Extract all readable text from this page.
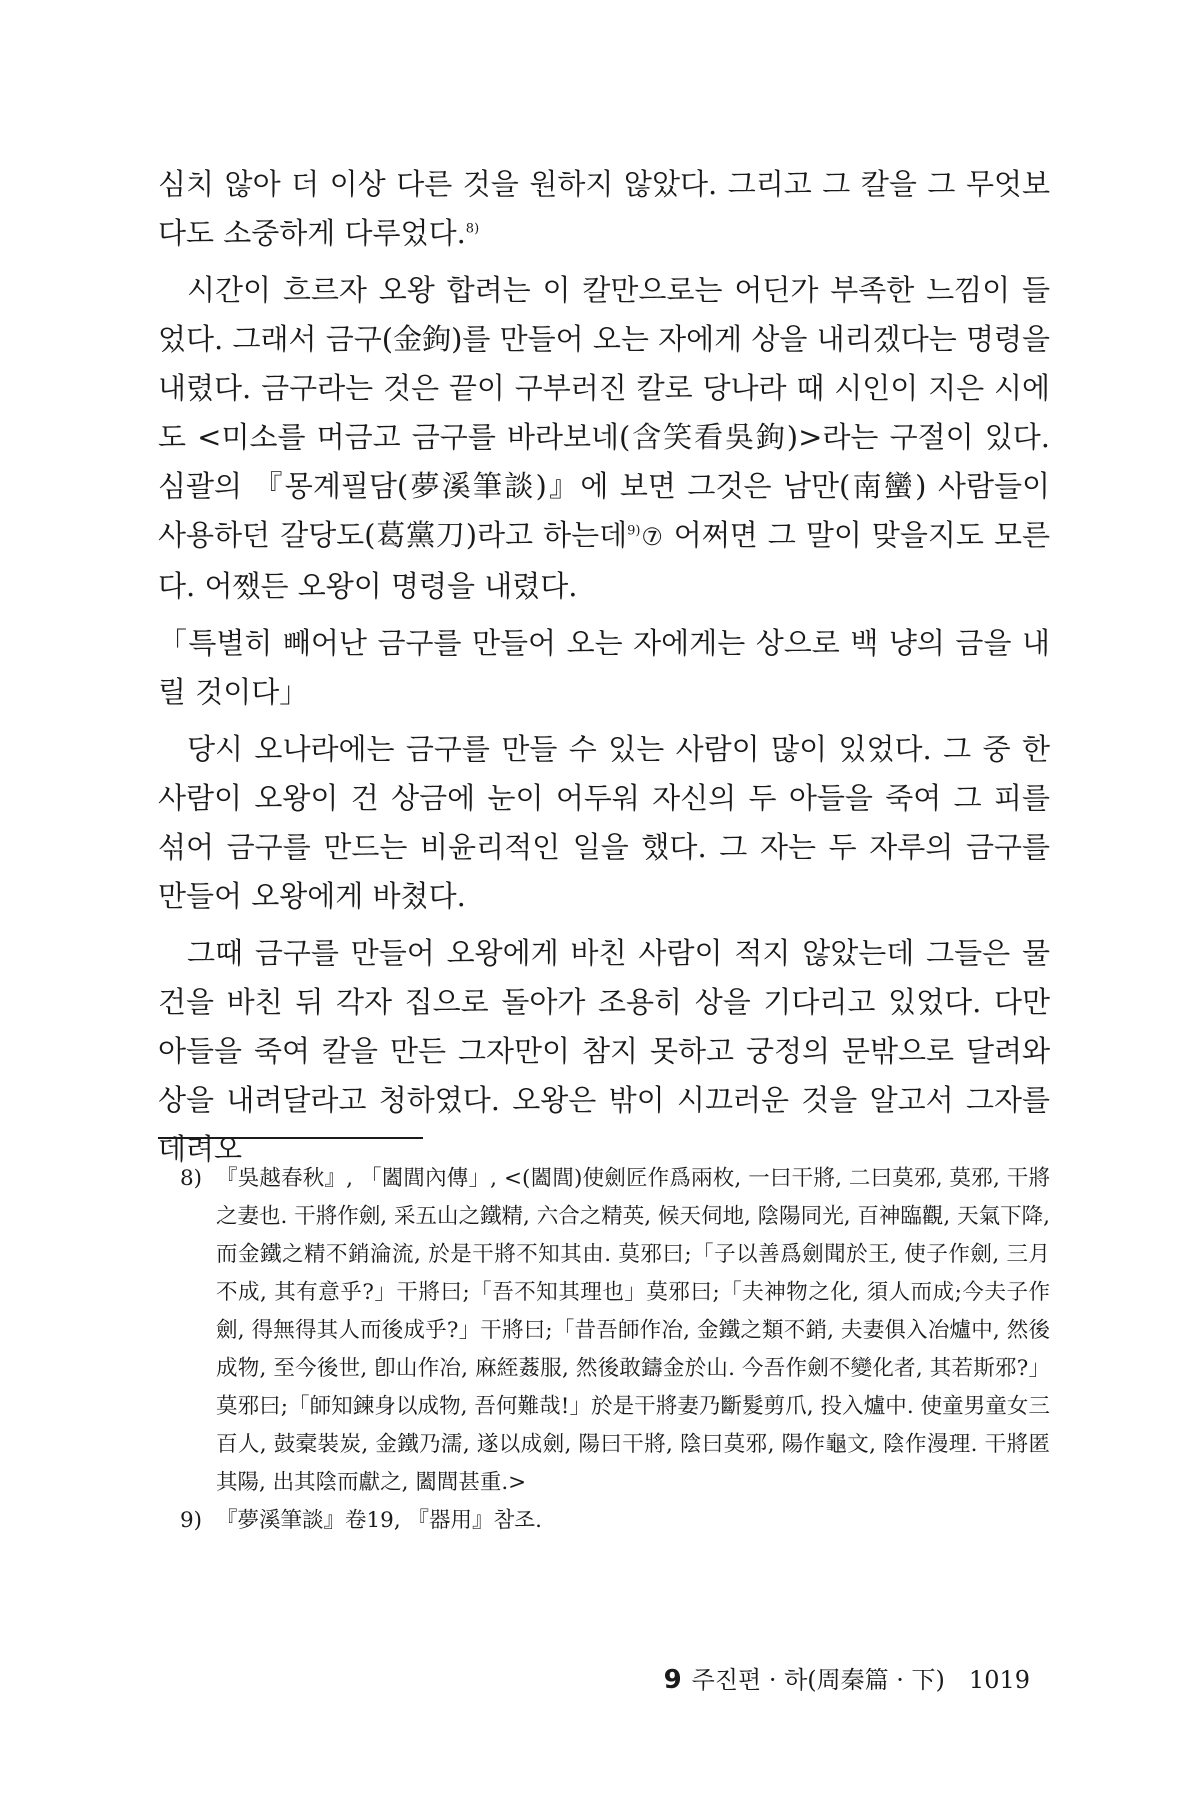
심치 않아 더 이상 다른 것을 원하지 않았다. 그리고 그 칼을 그 무엇보다도 소중하게 다루었다.$^{8)}$

시간이 흐르자 오왕 합려는 이 칼만으로는 어딘가 부족한 느낌이 들었다. 그래서 금구(金鉤)를 만들어 오는 자에게 상을 내리겠다는 명령을 내렸다. 금구라는 것은 끝이 구부러진 칼로 당나라 때 시인이 지은 시에도 <미소를 머금고 금구를 바라보네(含笑看吳鉤)>라는 구절이 있다. 심괄의 『몽계필담(夢溪筆談)』에 보면 그것은 남만(南蠻) 사람들이 사용하던 갈당도(葛黨刀)라고 하는데$^{9)}$⑦ 어쩌면 그 말이 맞을지도 모른다. 어쨌든 오왕이 명령을 내렸다.

「특별히 빼어난 금구를 만들어 오는 자에게는 상으로 백 냥의 금을 내릴 것이다」

당시 오나라에는 금구를 만들 수 있는 사람이 많이 있었다. 그 중 한 사람이 오왕이 건 상금에 눈이 어두워 자신의 두 아들을 죽여 그 피를 섞어 금구를 만드는 비윤리적인 일을 했다. 그 자는 두 자루의 금구를 만들어 오왕에게 바쳤다.

그때 금구를 만들어 오왕에게 바친 사람이 적지 않았는데 그들은 물건을 바친 뒤 각자 집으로 돌아가 조용히 상을 기다리고 있었다. 다만 아들을 죽여 칼을 만든 그자만이 참지 못하고 궁정의 문밖으로 달려와 상을 내려달라고 청하였다. 오왕은 밖이 시끄러운 것을 알고서 그자를 데려오

8) 『吳越春秋』, 「闔閭內傳」, <(闔閭)使劍匠作爲兩枚, 一曰干將, 二曰莫邪, 莫邪, 干將之妻也. 干將作劍, 采五山之鐵精, 六合之精英, 候天伺地, 陰陽同光, 百神臨觀, 天氣下降, 而金鐵之精不銷淪流, 於是干將不知其由. 莫邪曰;「子以善爲劍聞於王, 使子作劍, 三月不成, 其有意乎?」干將曰;「吾不知其理也」莫邪曰;「夫神物之化, 須人而成;今夫子作劍, 得無得其人而後成乎?」干將曰;「昔吾師作冶, 金鐵之類不銷, 夫妻俱入冶爐中, 然後成物, 至今後世, 卽山作冶, 麻絰葌服, 然後敢鑄金於山. 今吾作劍不變化者, 其若斯邪?」莫邪曰;「師知鍊身以成物, 吾何難哉!」於是干將妻乃斷髮剪爪, 投入爐中. 使童男童女三百人, 鼓槖裝炭, 金鐵乃濡, 遂以成劍, 陽曰干將, 陰曰莫邪, 陽作龜文, 陰作漫理. 干將匿其陽, 出其陰而獻之, 闔閭甚重.>

9) 『夢溪筆談』卷19, 『器用』참조.

9 주진편 · 하(周秦篇 · 下) 1019
